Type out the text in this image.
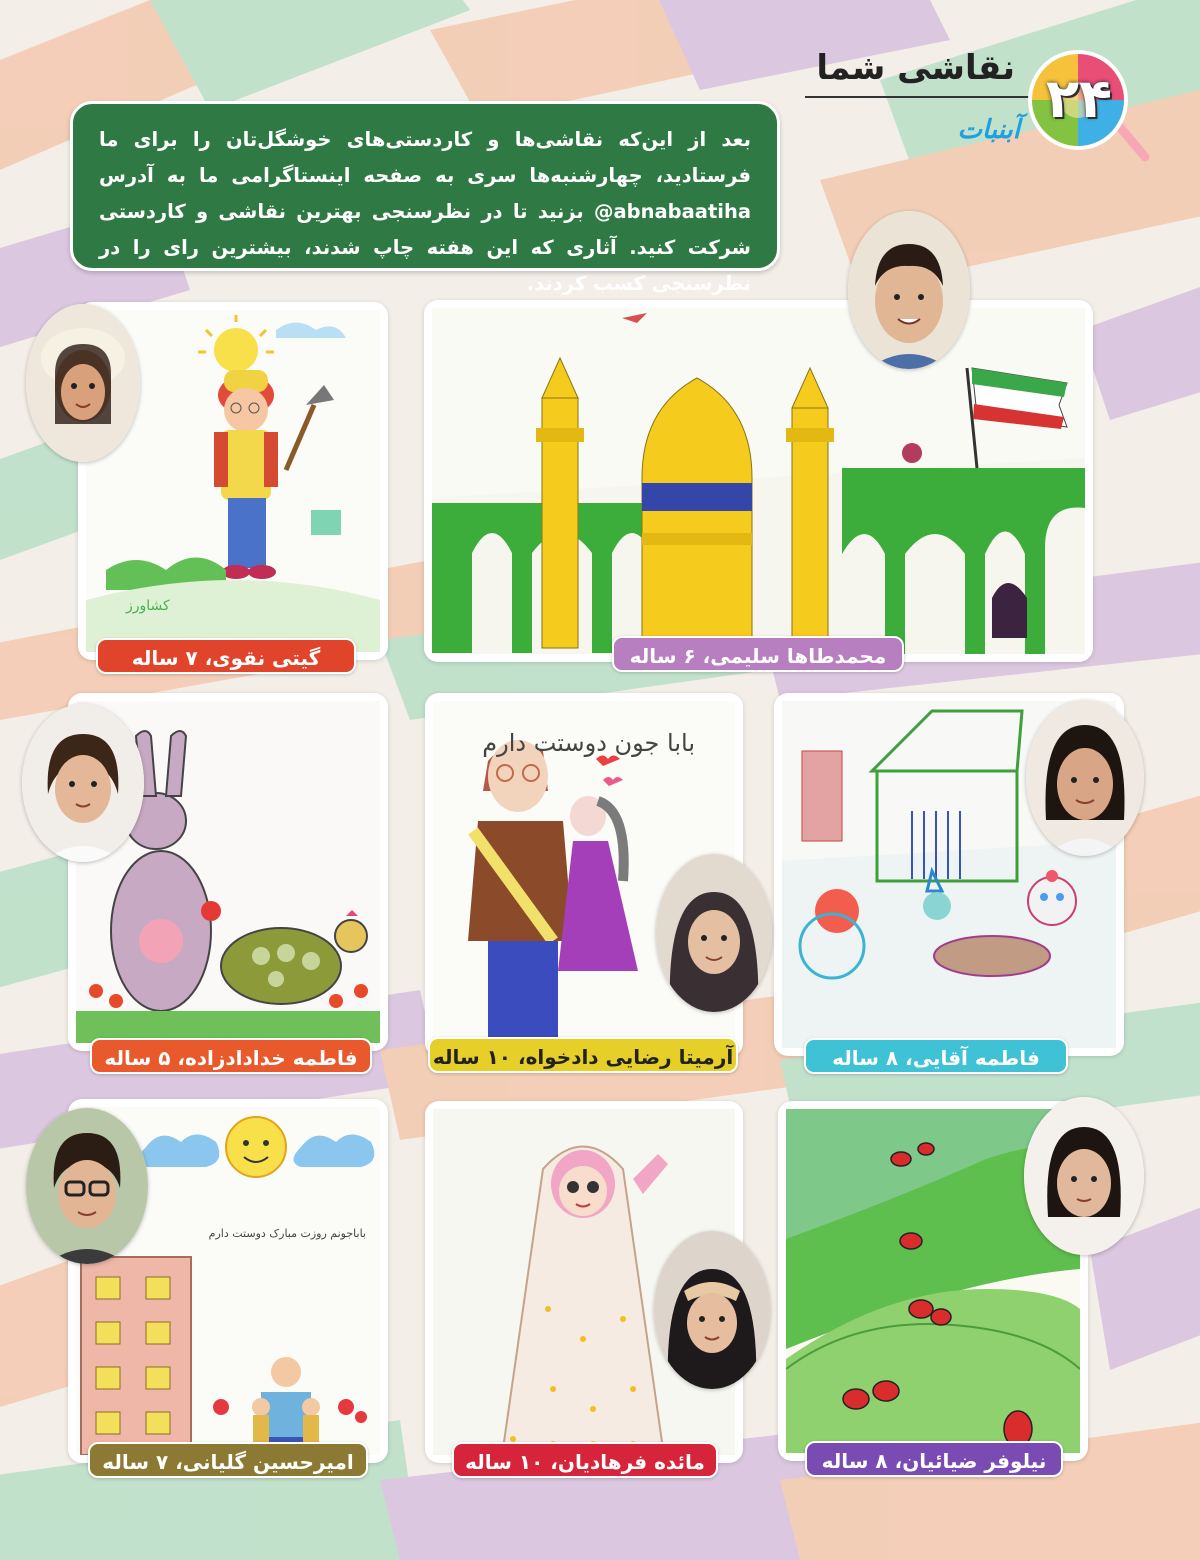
نقاشی شما
آبنبات ۲۴
بعد از این‌که نقاشی‌ها و کاردستی‌های خوشگل‌تان را برای ما فرستادید، چهارشنبه‌ها سری به صفحه اینستاگرامی ما به آدرس abnabaatiha@ بزنید تا در نظرسنجی بهترین نقاشی و کاردستی شرکت کنید. آثاری که این هفته چاپ شدند، بیشترین رای را در نظرسنجی کسب کردند.
کشاورز
گیتی نقوی، ۷ ساله	محمدطاها سلیمی، ۶ ساله
فاطمه آقایی، ۸ ساله
بابا جون دوستت دارم
آرمیتا رضایی دادخواه، ۱۰ ساله
فاطمه خدادادزاده، ۵ ساله
نیلوفر ضیائیان، ۸ ساله
مائده فرهادیان، ۱۰ ساله
باباجونم روزت مبارک دوستت دارم
امیرحسین گلیانی، ۷ ساله
